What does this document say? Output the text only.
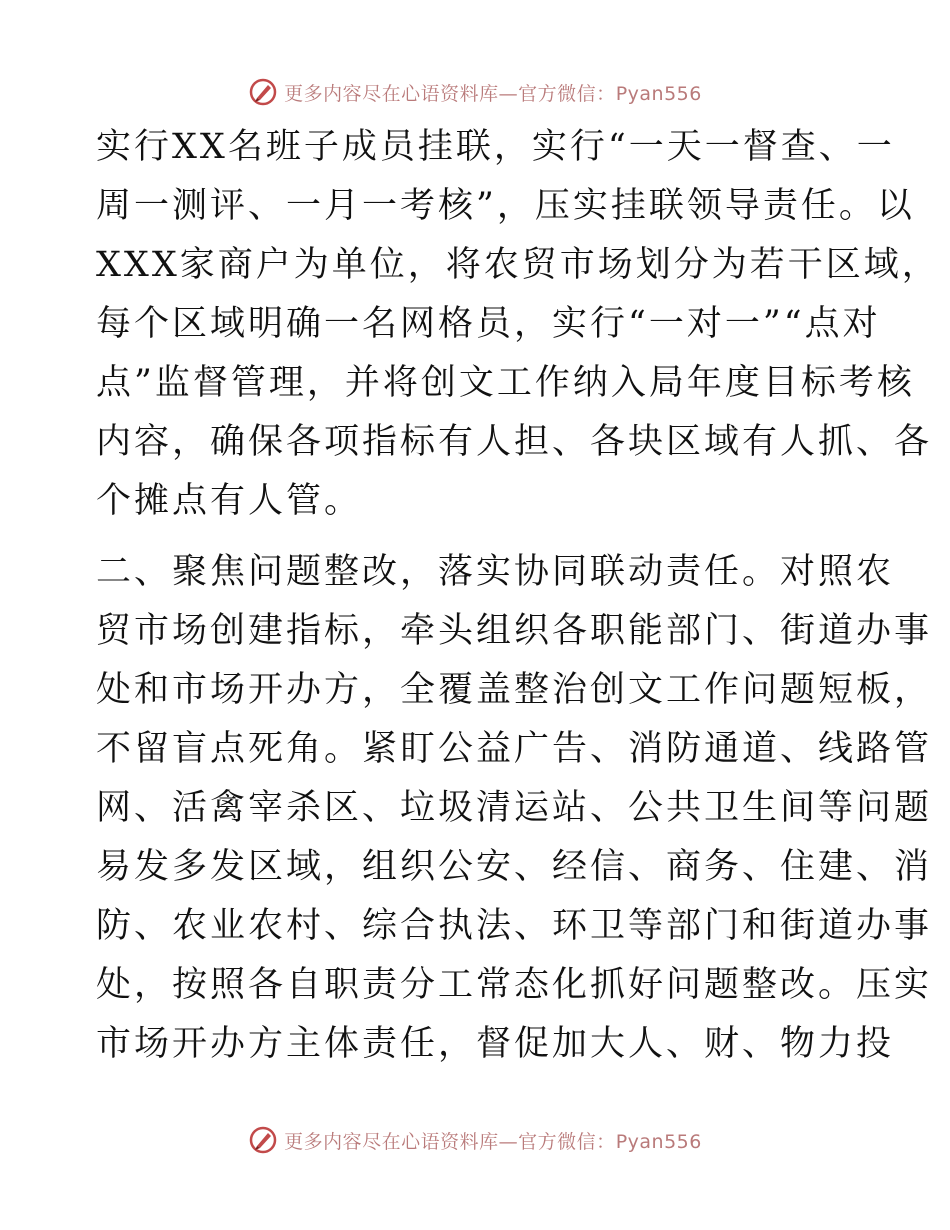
更多内容尽在心语资料库—官方微信：Pyan556
实行XX名班子成员挂联，实行“一天一督查、一
周一测评、一月一考核”，压实挂联领导责任。以
XXX家商户为单位，将农贸市场划分为若干区域，
每个区域明确一名网格员，实行“一对一”“点对
点”监督管理，并将创文工作纳入局年度目标考核
内容，确保各项指标有人担、各块区域有人抓、各
个摊点有人管。
二、聚焦问题整改，落实协同联动责任。对照农
贸市场创建指标，牵头组织各职能部门、街道办事
处和市场开办方，全覆盖整治创文工作问题短板，
不留盲点死角。紧盯公益广告、消防通道、线路管
网、活禽宰杀区、垃圾清运站、公共卫生间等问题
易发多发区域，组织公安、经信、商务、住建、消
防、农业农村、综合执法、环卫等部门和街道办事
处，按照各自职责分工常态化抓好问题整改。压实
市场开办方主体责任，督促加大人、财、物力投
更多内容尽在心语资料库—官方微信：Pyan556
